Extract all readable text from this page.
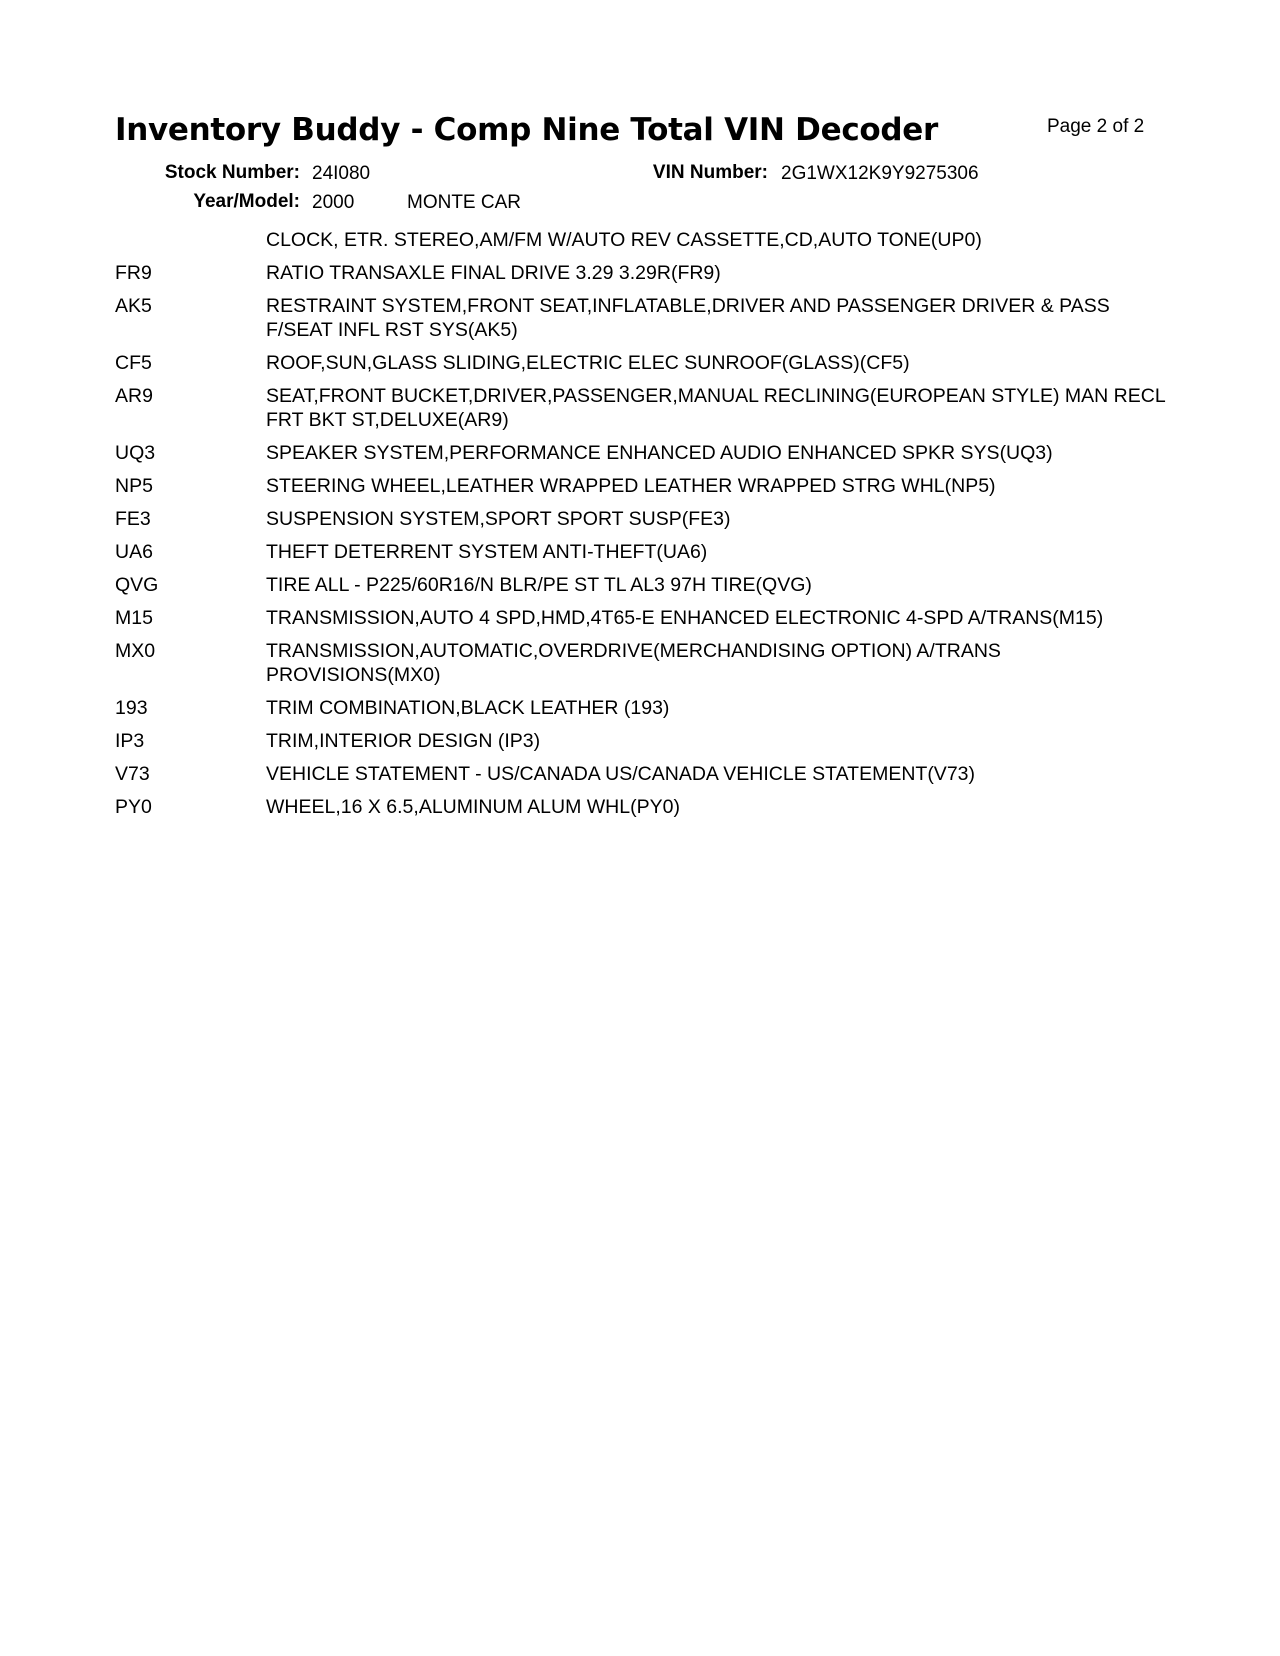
Inventory Buddy - Comp Nine Total VIN Decoder	Page 2 of 2
Stock Number: 24I080	VIN Number: 2G1WX12K9Y9275306
Year/Model: 2000	MONTE CAR
CLOCK, ETR. STEREO,AM/FM W/AUTO REV CASSETTE,CD,AUTO TONE(UP0)
FR9	RATIO TRANSAXLE FINAL DRIVE 3.29 3.29R(FR9)
AK5	RESTRAINT SYSTEM,FRONT SEAT,INFLATABLE,DRIVER AND PASSENGER DRIVER & PASS F/SEAT INFL RST SYS(AK5)
CF5	ROOF,SUN,GLASS SLIDING,ELECTRIC ELEC SUNROOF(GLASS)(CF5)
AR9	SEAT,FRONT BUCKET,DRIVER,PASSENGER,MANUAL RECLINING(EUROPEAN STYLE) MAN RECL FRT BKT ST,DELUXE(AR9)
UQ3	SPEAKER SYSTEM,PERFORMANCE ENHANCED AUDIO ENHANCED SPKR SYS(UQ3)
NP5	STEERING WHEEL,LEATHER WRAPPED LEATHER WRAPPED STRG WHL(NP5)
FE3	SUSPENSION SYSTEM,SPORT SPORT SUSP(FE3)
UA6	THEFT DETERRENT SYSTEM ANTI-THEFT(UA6)
QVG	TIRE ALL - P225/60R16/N BLR/PE ST TL AL3 97H TIRE(QVG)
M15	TRANSMISSION,AUTO 4 SPD,HMD,4T65-E ENHANCED ELECTRONIC 4-SPD A/TRANS(M15)
MX0	TRANSMISSION,AUTOMATIC,OVERDRIVE(MERCHANDISING OPTION) A/TRANS PROVISIONS(MX0)
193	TRIM COMBINATION,BLACK LEATHER (193)
IP3	TRIM,INTERIOR DESIGN (IP3)
V73	VEHICLE STATEMENT - US/CANADA US/CANADA VEHICLE STATEMENT(V73)
PY0	WHEEL,16 X 6.5,ALUMINUM ALUM WHL(PY0)
